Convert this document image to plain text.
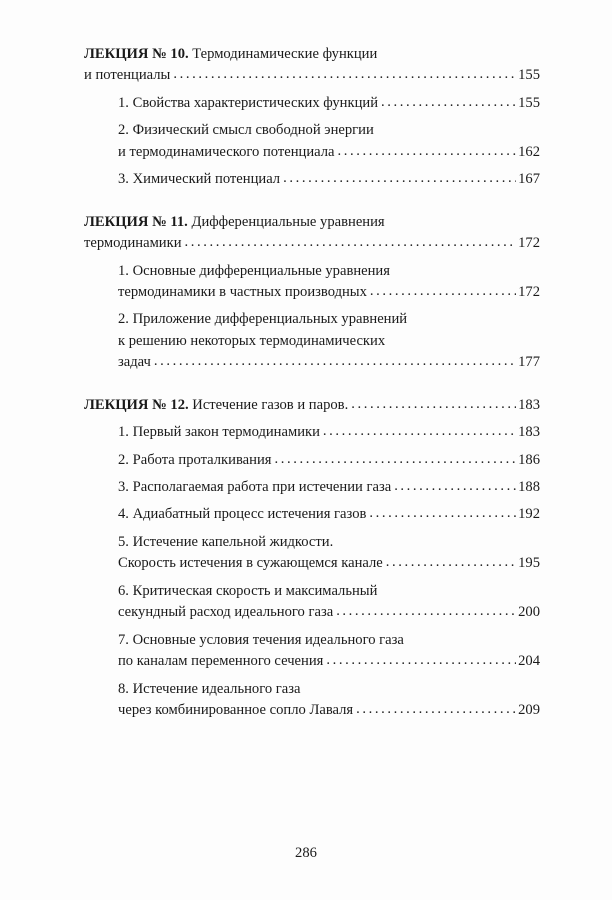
ЛЕКЦИЯ № 10. Термодинамические функции
и потенциалы .....	155
1. Свойства характеристических функций .....	155
2. Физический смысл свободной энергии
и термодинамического потенциала .....	162
3. Химический потенциал .....	167
ЛЕКЦИЯ № 11. Дифференциальные уравнения
термодинамики .....	172
1. Основные дифференциальные уравнения
термодинамики в частных производных .....	172
2. Приложение дифференциальных уравнений
к решению некоторых термодинамических
задач .....	177
ЛЕКЦИЯ № 12. Истечение газов и паров. .....	183
1. Первый закон термодинамики .....	183
2. Работа проталкивания .....	186
3. Располагаемая работа при истечении газа .....	188
4. Адиабатный процесс истечения газов .....	192
5. Истечение капельной жидкости.
Скорость истечения в сужающемся канале .....	195
6. Критическая скорость и максимальный
секундный расход идеального газа .....	200
7. Основные условия течения идеального газа
по каналам переменного сечения .....	204
8. Истечение идеального газа
через комбинированное сопло Лаваля .....	209
286
